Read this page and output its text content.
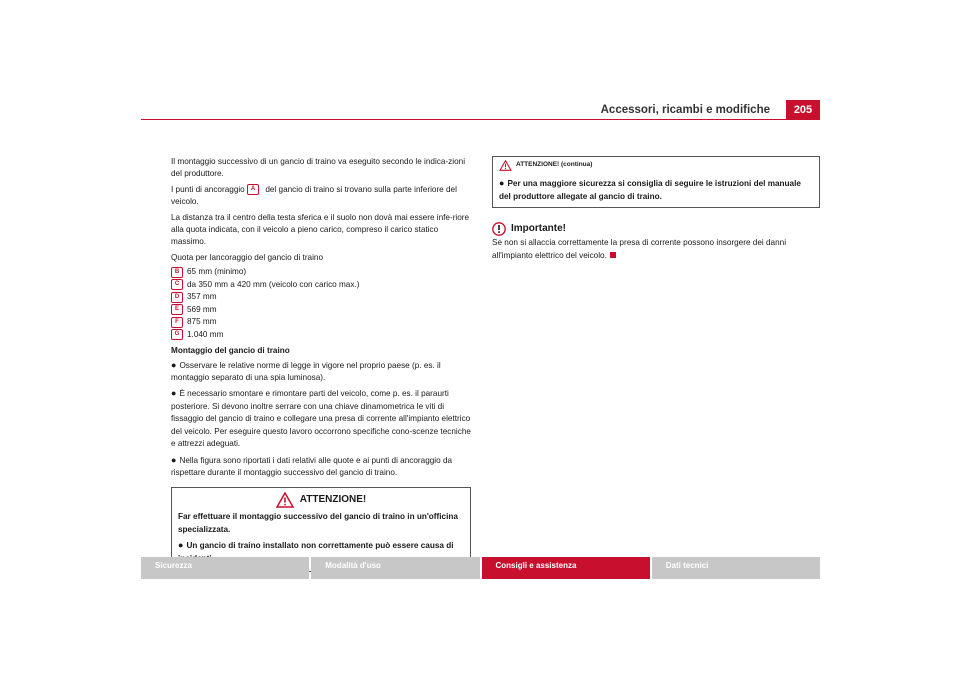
Accessori, ricambi e modifiche	205

Il montaggio successivo di un gancio di traino va eseguito secondo le indica-zioni del produttore.

I punti di ancoraggio A del gancio di traino si trovano sulla parte inferiore del veicolo.

La distanza tra il centro della testa sferica e il suolo non dovà mai essere infe-riore alla quota indicata, con il veicolo a pieno carico, compreso il carico statico massimo.

Quota per lancoraggio del gancio di traino

B 65 mm (minimo)
C da 350 mm a 420 mm (veicolo con carico max.)
D 357 mm
E 569 mm
F 875 mm
G 1.040 mm
Montaggio del gancio di traino

● Osservare le relative norme di legge in vigore nel proprio paese (p. es. il montaggio separato di una spia luminosa).

● È necessario smontare e rimontare parti del veicolo, come p. es. il paraurti posteriore. Si devono inoltre serrare con una chiave dinamometrica le viti di fissaggio del gancio di traino e collegare una presa di corrente all'impianto elettrico del veicolo. Per eseguire questo lavoro occorrono specifiche cono-scenze tecniche e attrezzi adeguati.

● Nella figura sono riportati i dati relativi alle quote e ai punti di ancoraggio da rispettare durante il montaggio successivo del gancio di traino.

ATTENZIONE!

Far effettuare il montaggio successivo del gancio di traino in un'officina specializzata.

● Un gancio di traino installato non correttamente può essere causa di

ATTENZIONE! (continua)

● Per una maggiore sicurezza si consiglia di seguire le istruzioni del manuale del produttore allegate al gancio di traino.

Importante!

Se non si allaccia correttamente la presa di corrente possono insorgere dei danni all'impianto elettrico del veicolo.

Sicurezza	Modalità d'uso	Consigli e assistenza	Dati tecnici
